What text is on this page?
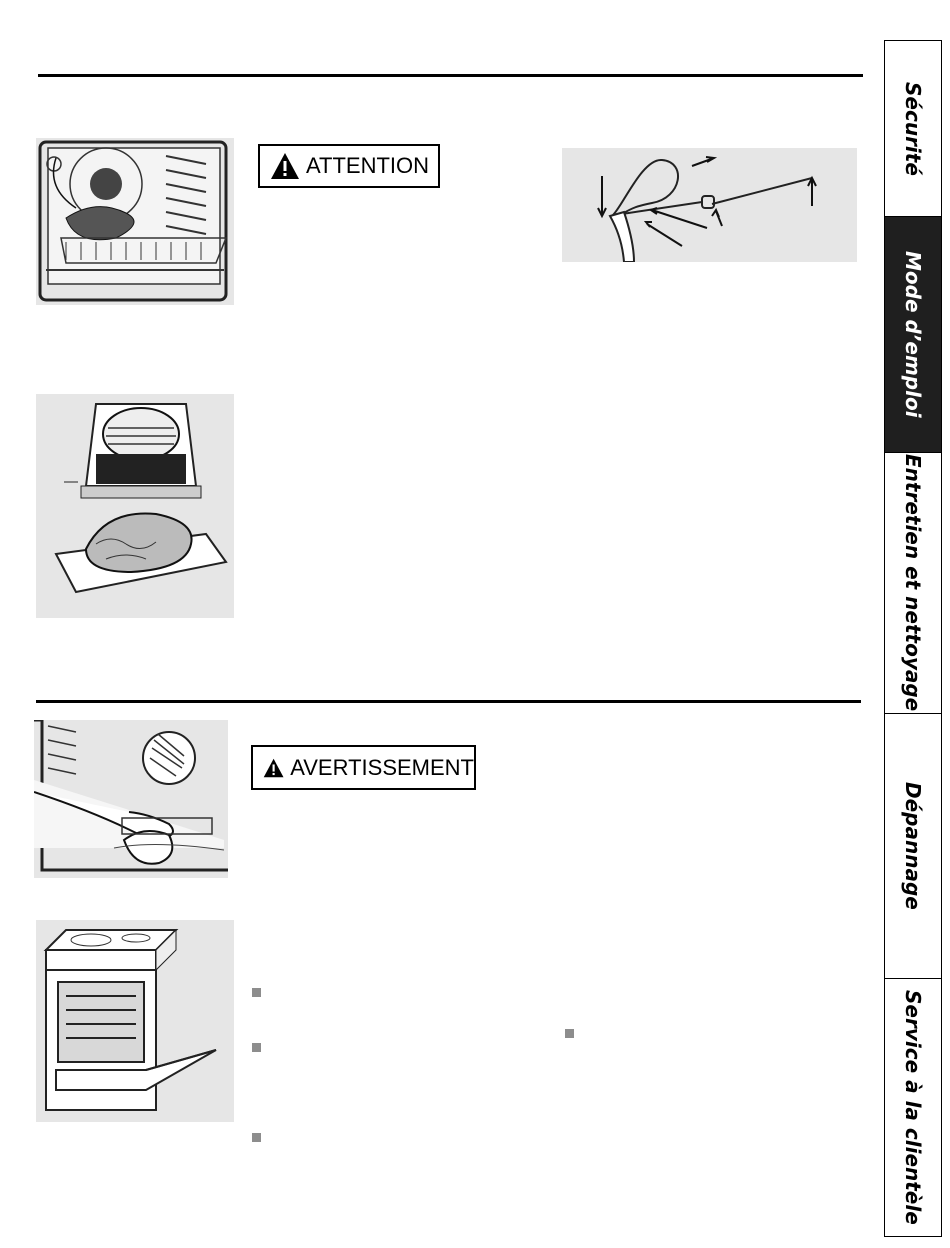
ATTENTION
AVERTISSEMENT
Sécurité
Mode d’emploi
Entretien et nettoyage
Dépannage
Service à la clientèle
